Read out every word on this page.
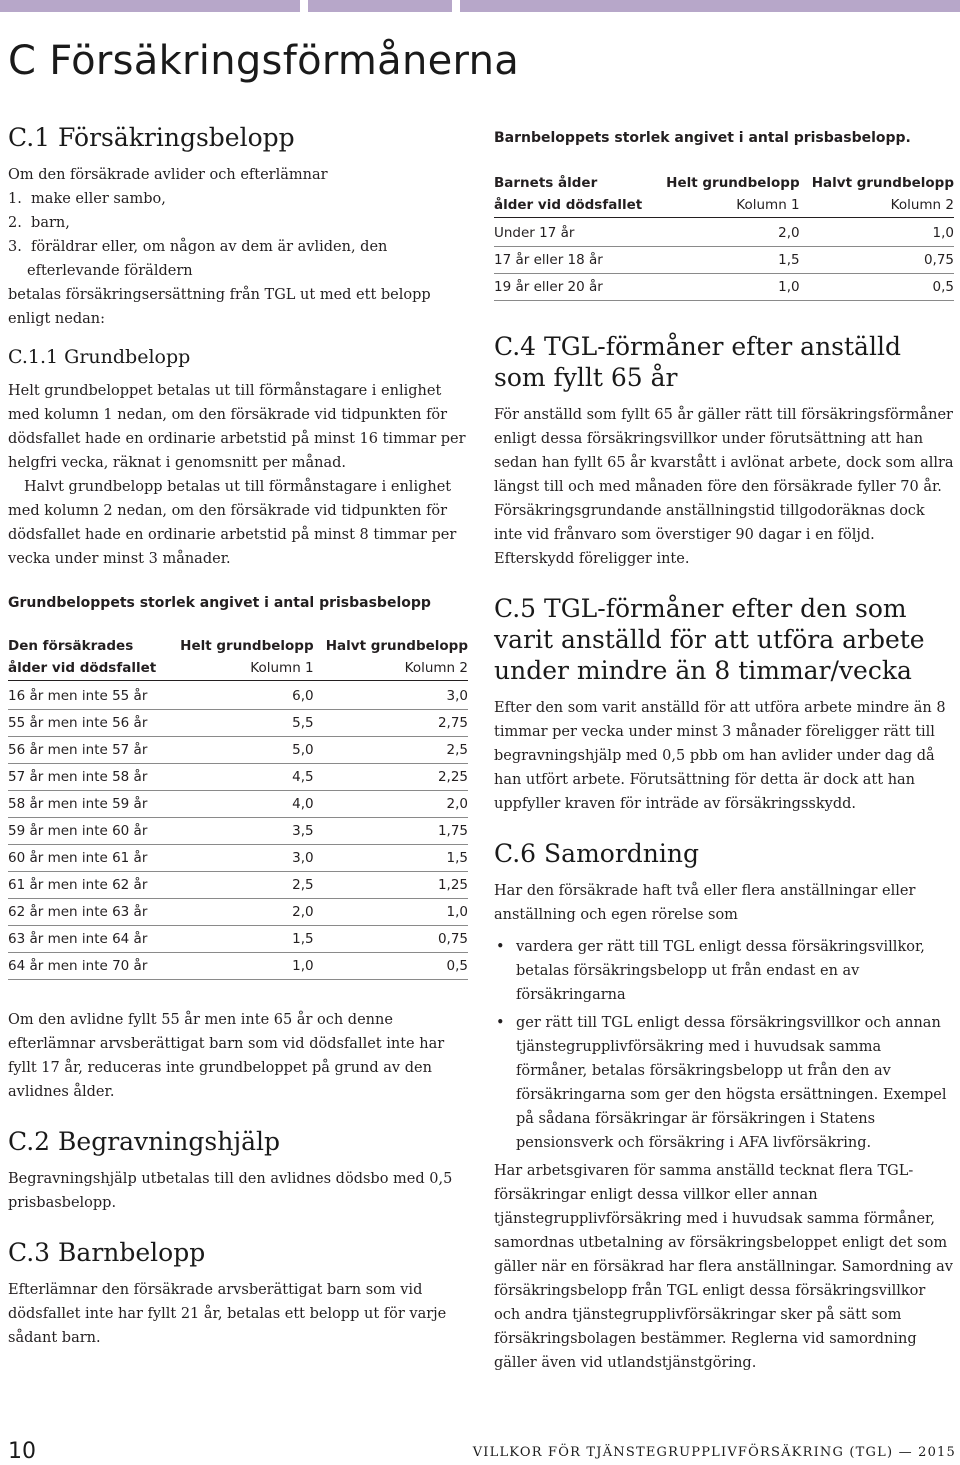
C Försäkringsförmånerna
C.1 Försäkringsbelopp

Om den försäkrade avlider och efterlämnar

1.  make eller sambo,
2.  barn,
3.  föräldrar eller, om någon av dem är avliden, den efterlevande föräldern

betalas försäkringsersättning från TGL ut med ett belopp enligt nedan:

C.1.1 Grundbelopp

Helt grundbeloppet betalas ut till förmånstagare i enlighet med kolumn 1 nedan, om den försäkrade vid tidpunkten för dödsfallet hade en ordinarie arbetstid på minst 16 timmar per helgfri vecka, räknat i genomsnitt per månad.

Halvt grundbelopp betalas ut till förmånstagare i enlighet med kolumn 2 nedan, om den försäkrade vid tidpunkten för dödsfallet hade en ordinarie arbetstid på minst 8 timmar per vecka under minst 3 månader.

Grundbeloppets storlek angivet i antal prisbasbelopp

Den försäkrades	Helt grundbelopp	Halvt grundbelopp
ålder vid dödsfallet	Kolumn 1	Kolumn 2
16 år men inte 55 år	6,0	3,0
55 år men inte 56 år	5,5	2,75
56 år men inte 57 år	5,0	2,5
57 år men inte 58 år	4,5	2,25
58 år men inte 59 år	4,0	2,0
59 år men inte 60 år	3,5	1,75
60 år men inte 61 år	3,0	1,5
61 år men inte 62 år	2,5	1,25
62 år men inte 63 år	2,0	1,0
63 år men inte 64 år	1,5	0,75
64 år men inte 70 år	1,0	0,5

Om den avlidne fyllt 55 år men inte 65 år och denne efterlämnar arvsberättigat barn som vid dödsfallet inte har fyllt 17 år, reduceras inte grundbeloppet på grund av den avlidnes ålder.

C.2 Begravningshjälp

Begravningshjälp utbetalas till den avlidnes dödsbo med 0,5 prisbasbelopp.

C.3 Barnbelopp

Efterlämnar den försäkrade arvsberättigat barn som vid dödsfallet inte har fyllt 21 år, betalas ett belopp ut för varje sådant barn.

Barnbeloppets storlek angivet i antal prisbasbelopp.

Barnets ålder	Helt grundbelopp	Halvt grundbelopp
ålder vid dödsfallet	Kolumn 1	Kolumn 2
Under 17 år	2,0	1,0
17 år eller 18 år	1,5	0,75
19 år eller 20 år	1,0	0,5
C.4 TGL-förmåner efter anställd som fyllt 65 år

För anställd som fyllt 65 år gäller rätt till försäkringsförmåner enligt dessa försäkringsvillkor under förutsättning att han sedan han fyllt 65 år kvarstått i avlönat arbete, dock som allra längst till och med månaden före den försäkrade fyller 70 år. Försäkringsgrundande anställningstid tillgodoräknas dock inte vid frånvaro som överstiger 90 dagar i en följd. Efterskydd föreligger inte.

C.5 TGL-förmåner efter den som varit anställd för att utföra arbete under mindre än 8 timmar/vecka

Efter den som varit anställd för att utföra arbete mindre än 8 timmar per vecka under minst 3 månader föreligger rätt till begravningshjälp med 0,5 pbb om han avlider under dag då han utfört arbete. Förutsättning för detta är dock att han uppfyller kraven för inträde av försäkringsskydd.

C.6 Samordning

Har den försäkrade haft två eller flera anställningar eller anställning och egen rörelse som

• vardera ger rätt till TGL enligt dessa försäkringsvillkor, betalas försäkringsbelopp ut från endast en av försäkringarna
• ger rätt till TGL enligt dessa försäkringsvillkor och annan tjänstegrupplivförsäkring med i huvudsak samma förmåner, betalas försäkringsbelopp ut från den av försäkringarna som ger den högsta ersättningen. Exempel på sådana försäkringar är försäkringen i Statens pensionsverk och försäkring i AFA livförsäkring.

Har arbetsgivaren för samma anställd tecknat flera TGL-försäkringar enligt dessa villkor eller annan tjänstegrupplivförsäkring med i huvudsak samma förmåner, samordnas utbetalning av försäkringsbeloppet enligt det som gäller när en försäkrad har flera anställningar. Samordning av försäkringsbelopp från TGL enligt dessa försäkringsvillkor och andra tjänstegrupplivförsäkringar sker på sätt som försäkringsbolagen bestämmer. Reglerna vid samordning gäller även vid utlandstjänstgöring.

10	VILLKOR FÖR TJÄNSTEGRUPPLIVFÖRSÄKRING (TGL) — 2015
